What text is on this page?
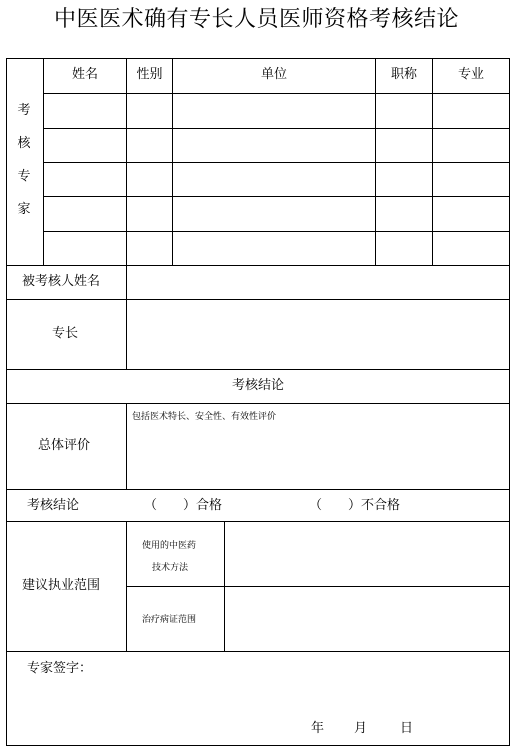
中医医术确有专长人员医师资格考核结论
考
核
专
家
姓名	性别	单位	职称	专业
被考核人姓名
专长
考核结论
总体评价
包括医术特长、安全性、有效性评价
考核结论	（　　）合格	（　　）不合格
建议执业范围
使用的中医药
技术方法
治疗病证范围
专家签字：
年 月	日
